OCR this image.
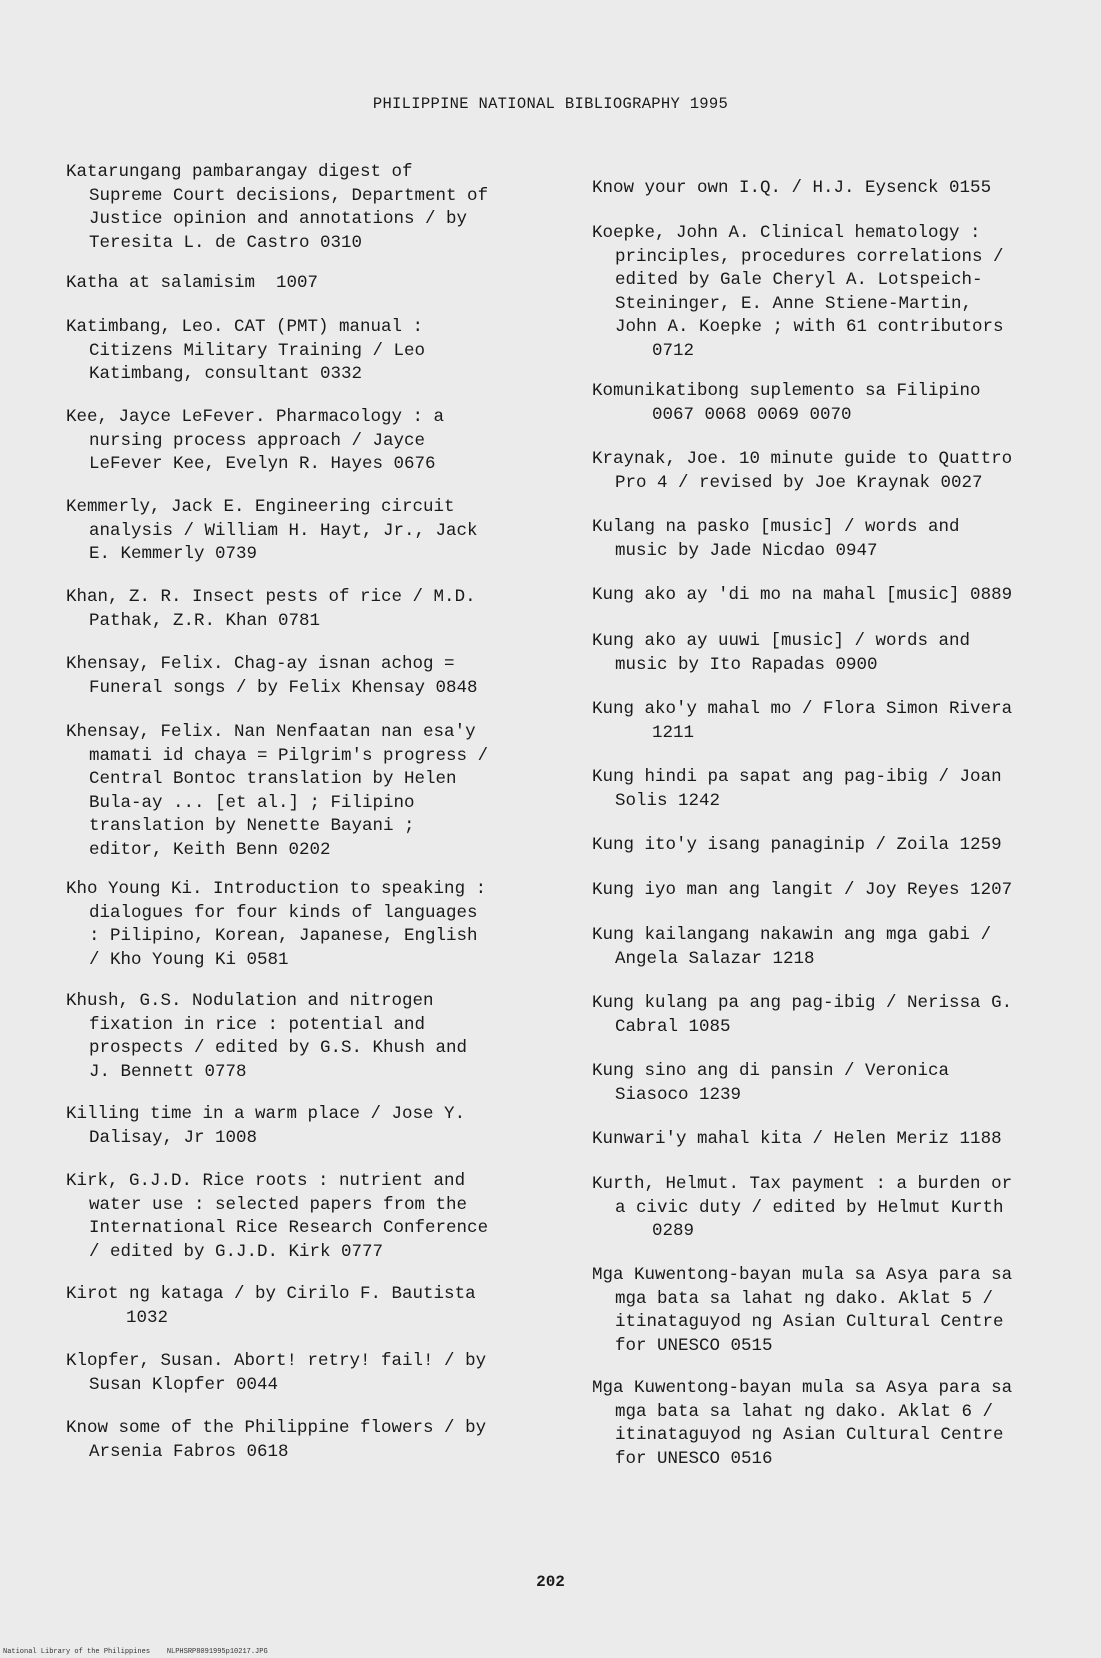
PHILIPPINE NATIONAL BIBLIOGRAPHY 1995
Katarungang pambarangay digest of
Supreme Court decisions, Department of
Justice opinion and annotations / by
Teresita L. de Castro 0310
Katha at salamisim  1007
Katimbang, Leo. CAT (PMT) manual :
Citizens Military Training / Leo
Katimbang, consultant 0332
Kee, Jayce LeFever. Pharmacology : a
nursing process approach / Jayce
LeFever Kee, Evelyn R. Hayes 0676
Kemmerly, Jack E. Engineering circuit
analysis / William H. Hayt, Jr., Jack
E. Kemmerly 0739
Khan, Z. R. Insect pests of rice / M.D.
Pathak, Z.R. Khan 0781
Khensay, Felix. Chag-ay isnan achog =
Funeral songs / by Felix Khensay 0848
Khensay, Felix. Nan Nenfaatan nan esa'y
mamati id chaya = Pilgrim's progress /
Central Bontoc translation by Helen
Bula-ay ... [et al.] ; Filipino
translation by Nenette Bayani ;
editor, Keith Benn 0202
Kho Young Ki. Introduction to speaking :
dialogues for four kinds of languages
: Pilipino, Korean, Japanese, English
/ Kho Young Ki 0581
Khush, G.S. Nodulation and nitrogen
fixation in rice : potential and
prospects / edited by G.S. Khush and
J. Bennett 0778
Killing time in a warm place / Jose Y.
Dalisay, Jr 1008
Kirk, G.J.D. Rice roots : nutrient and
water use : selected papers from the
International Rice Research Conference
/ edited by G.J.D. Kirk 0777
Kirot ng kataga / by Cirilo F. Bautista
1032
Klopfer, Susan. Abort! retry! fail! / by
Susan Klopfer 0044
Know some of the Philippine flowers / by
Arsenia Fabros 0618
Know your own I.Q. / H.J. Eysenck 0155
Koepke, John A. Clinical hematology :
principles, procedures correlations /
edited by Gale Cheryl A. Lotspeich-
Steininger, E. Anne Stiene-Martin,
John A. Koepke ; with 61 contributors
0712
Komunikatibong suplemento sa Filipino
0067 0068 0069 0070
Kraynak, Joe. 10 minute guide to Quattro
Pro 4 / revised by Joe Kraynak 0027
Kulang na pasko [music] / words and
music by Jade Nicdao 0947
Kung ako ay 'di mo na mahal [music] 0889
Kung ako ay uuwi [music] / words and
music by Ito Rapadas 0900
Kung ako'y mahal mo / Flora Simon Rivera
1211
Kung hindi pa sapat ang pag-ibig / Joan
Solis 1242
Kung ito'y isang panaginip / Zoila 1259
Kung iyo man ang langit / Joy Reyes 1207
Kung kailangang nakawin ang mga gabi /
Angela Salazar 1218
Kung kulang pa ang pag-ibig / Nerissa G.
Cabral 1085
Kung sino ang di pansin / Veronica
Siasoco 1239
Kunwari'y mahal kita / Helen Meriz 1188
Kurth, Helmut. Tax payment : a burden or
a civic duty / edited by Helmut Kurth
0289
Mga Kuwentong-bayan mula sa Asya para sa
mga bata sa lahat ng dako. Aklat 5 /
itinataguyod ng Asian Cultural Centre
for UNESCO 0515
Mga Kuwentong-bayan mula sa Asya para sa
mga bata sa lahat ng dako. Aklat 6 /
itinataguyod ng Asian Cultural Centre
for UNESCO 0516
202
National Library of the Philippines    NLPHSRP8091995p10217.JPG
